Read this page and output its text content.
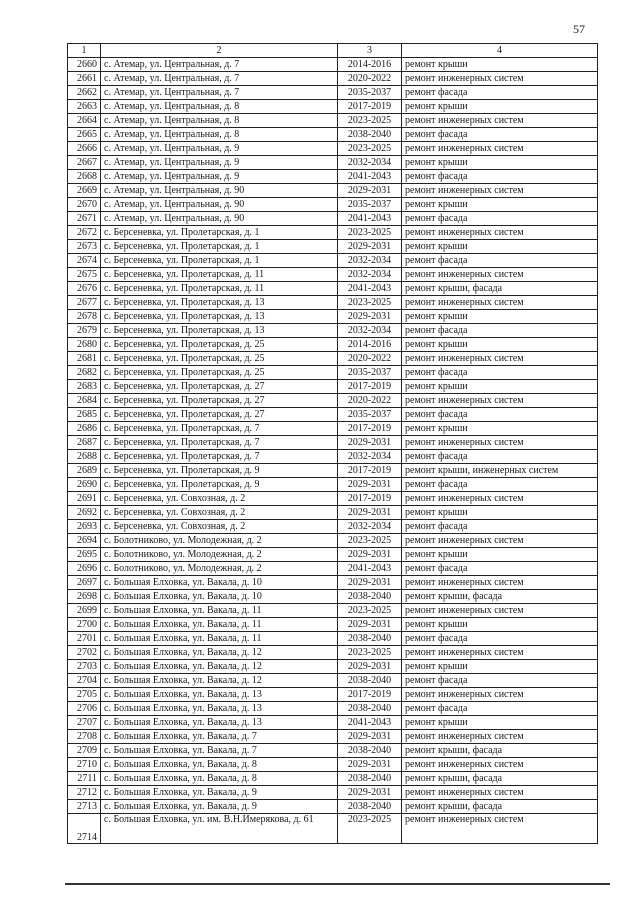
57
1	2	3	4
2660	с. Атемар, ул. Центральная, д. 7	2014-2016	ремонт крыши
2661	с. Атемар, ул. Центральная, д. 7	2020-2022	ремонт инженерных систем
2662	с. Атемар, ул. Центральная, д. 7	2035-2037	ремонт фасада
2663	с. Атемар, ул. Центральная, д. 8	2017-2019	ремонт крыши
2664	с. Атемар, ул. Центральная, д. 8	2023-2025	ремонт инженерных систем
2665	с. Атемар, ул. Центральная, д. 8	2038-2040	ремонт фасада
2666	с. Атемар, ул. Центральная, д. 9	2023-2025	ремонт инженерных систем
2667	с. Атемар, ул. Центральная, д. 9	2032-2034	ремонт крыши
2668	с. Атемар, ул. Центральная, д. 9	2041-2043	ремонт фасада
2669	с. Атемар, ул. Центральная, д. 90	2029-2031	ремонт инженерных систем
2670	с. Атемар, ул. Центральная, д. 90	2035-2037	ремонт крыши
2671	с. Атемар, ул. Центральная, д. 90	2041-2043	ремонт фасада
2672	с. Берсеневка, ул. Пролетарская, д. 1	2023-2025	ремонт инженерных систем
2673	с. Берсеневка, ул. Пролетарская, д. 1	2029-2031	ремонт крыши
2674	с. Берсеневка, ул. Пролетарская, д. 1	2032-2034	ремонт фасада
2675	с. Берсеневка, ул. Пролетарская, д. 11	2032-2034	ремонт инженерных систем
2676	с. Берсеневка, ул. Пролетарская, д. 11	2041-2043	ремонт крыши, фасада
2677	с. Берсеневка, ул. Пролетарская, д. 13	2023-2025	ремонт инженерных систем
2678	с. Берсеневка, ул. Пролетарская, д. 13	2029-2031	ремонт крыши
2679	с. Берсеневка, ул. Пролетарская, д. 13	2032-2034	ремонт фасада
2680	с. Берсеневка, ул. Пролетарская, д. 25	2014-2016	ремонт крыши
2681	с. Берсеневка, ул. Пролетарская, д. 25	2020-2022	ремонт инженерных систем
2682	с. Берсеневка, ул. Пролетарская, д. 25	2035-2037	ремонт фасада
2683	с. Берсеневка, ул. Пролетарская, д. 27	2017-2019	ремонт крыши
2684	с. Берсеневка, ул. Пролетарская, д. 27	2020-2022	ремонт инженерных систем
2685	с. Берсеневка, ул. Пролетарская, д. 27	2035-2037	ремонт фасада
2686	с. Берсеневка, ул. Пролетарская, д. 7	2017-2019	ремонт крыши
2687	с. Берсеневка, ул. Пролетарская, д. 7	2029-2031	ремонт инженерных систем
2688	с. Берсеневка, ул. Пролетарская, д. 7	2032-2034	ремонт фасада
2689	с. Берсеневка, ул. Пролетарская, д. 9	2017-2019	ремонт крыши, инженерных систем
2690	с. Берсеневка, ул. Пролетарская, д. 9	2029-2031	ремонт фасада
2691	с. Берсеневка, ул. Совхозная, д. 2	2017-2019	ремонт инженерных систем
2692	с. Берсеневка, ул. Совхозная, д. 2	2029-2031	ремонт крыши
2693	с. Берсеневка, ул. Совхозная, д. 2	2032-2034	ремонт фасада
2694	с. Болотниково, ул. Молодежная, д. 2	2023-2025	ремонт инженерных систем
2695	с. Болотниково, ул. Молодежная, д. 2	2029-2031	ремонт крыши
2696	с. Болотниково, ул. Молодежная, д. 2	2041-2043	ремонт фасада
2697	с. Большая Елховка, ул. Вакала, д. 10	2029-2031	ремонт инженерных систем
2698	с. Большая Елховка, ул. Вакала, д. 10	2038-2040	ремонт крыши, фасада
2699	с. Большая Елховка, ул. Вакала, д. 11	2023-2025	ремонт инженерных систем
2700	с. Большая Елховка, ул. Вакала, д. 11	2029-2031	ремонт крыши
2701	с. Большая Елховка, ул. Вакала, д. 11	2038-2040	ремонт фасада
2702	с. Большая Елховка, ул. Вакала, д. 12	2023-2025	ремонт инженерных систем
2703	с. Большая Елховка, ул. Вакала, д. 12	2029-2031	ремонт крыши
2704	с. Большая Елховка, ул. Вакала, д. 12	2038-2040	ремонт фасада
2705	с. Большая Елховка, ул. Вакала, д. 13	2017-2019	ремонт инженерных систем
2706	с. Большая Елховка, ул. Вакала, д. 13	2038-2040	ремонт фасада
2707	с. Большая Елховка, ул. Вакала, д. 13	2041-2043	ремонт крыши
2708	с. Большая Елховка, ул. Вакала, д. 7	2029-2031	ремонт инженерных систем
2709	с. Большая Елховка, ул. Вакала, д. 7	2038-2040	ремонт крыши, фасада
2710	с. Большая Елховка, ул. Вакала, д. 8	2029-2031	ремонт инженерных систем
2711	с. Большая Елховка, ул. Вакала, д. 8	2038-2040	ремонт крыши, фасада
2712	с. Большая Елховка, ул. Вакала, д. 9	2029-2031	ремонт инженерных систем
2713	с. Большая Елховка, ул. Вакала, д. 9	2038-2040	ремонт крыши, фасада
2714	с. Большая Елховка, ул. им. В.Н.Имерякова, д. 61	2023-2025	ремонт инженерных систем
